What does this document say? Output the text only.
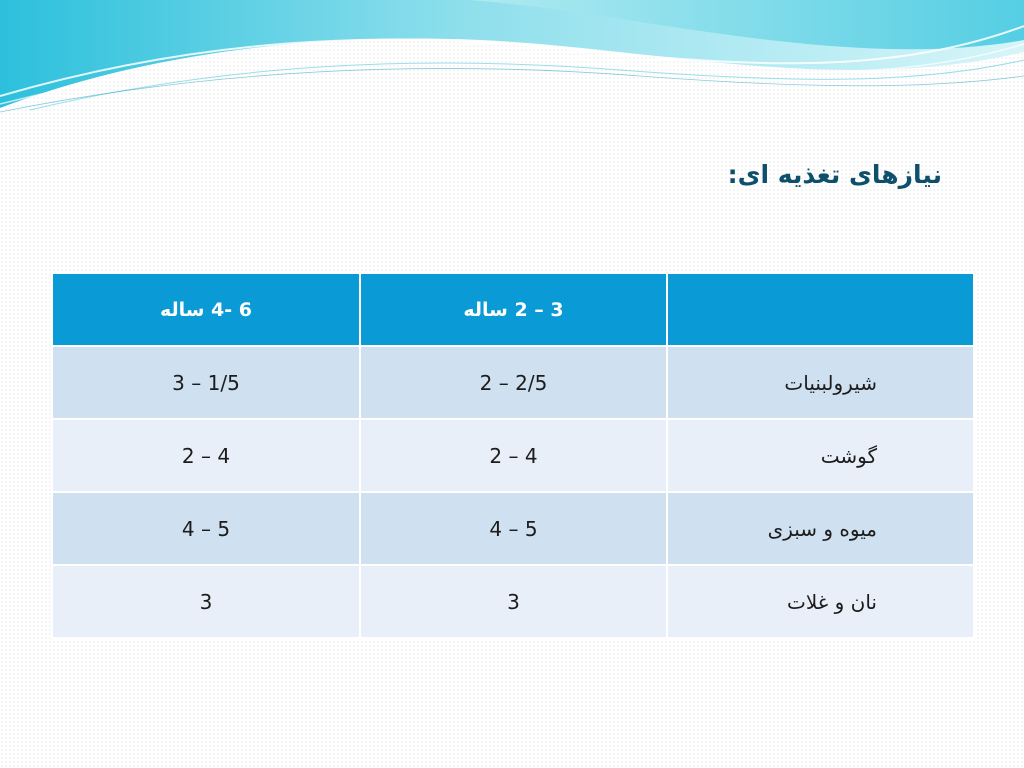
نیازهای تغذیه ای:
	3 – 2 ساله	6 -4 ساله
شیرولبنیات	2 – 2/5	3 – 1/5
گوشت	2 – 4	2 – 4
میوه و سبزی	4 – 5	4 – 5
نان و غلات	3	3
